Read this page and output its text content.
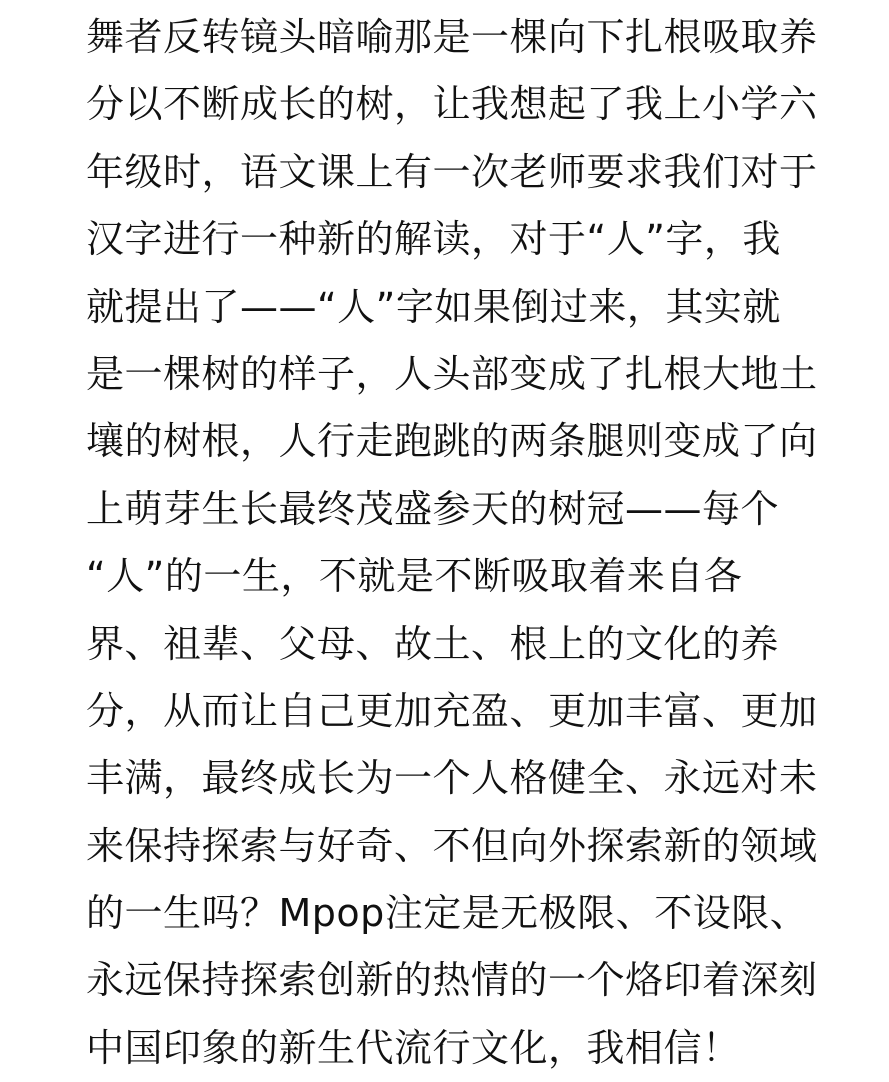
舞者反转镜头暗喻那是一棵向下扎根吸取养
分以不断成长的树，让我想起了我上小学六
年级时，语文课上有一次老师要求我们对于
汉字进行一种新的解读，对于“人”字，我
就提出了——“人”字如果倒过来，其实就
是一棵树的样子，人头部变成了扎根大地土
壤的树根，人行走跑跳的两条腿则变成了向
上萌芽生长最终茂盛参天的树冠——每个
“人”的一生，不就是不断吸取着来自各
界、祖辈、父母、故土、根上的文化的养
分，从而让自己更加充盈、更加丰富、更加
丰满，最终成长为一个人格健全、永远对未
来保持探索与好奇、不但向外探索新的领域
的一生吗？Mpop注定是无极限、不设限、
永远保持探索创新的热情的一个烙印着深刻
中国印象的新生代流行文化，我相信！
